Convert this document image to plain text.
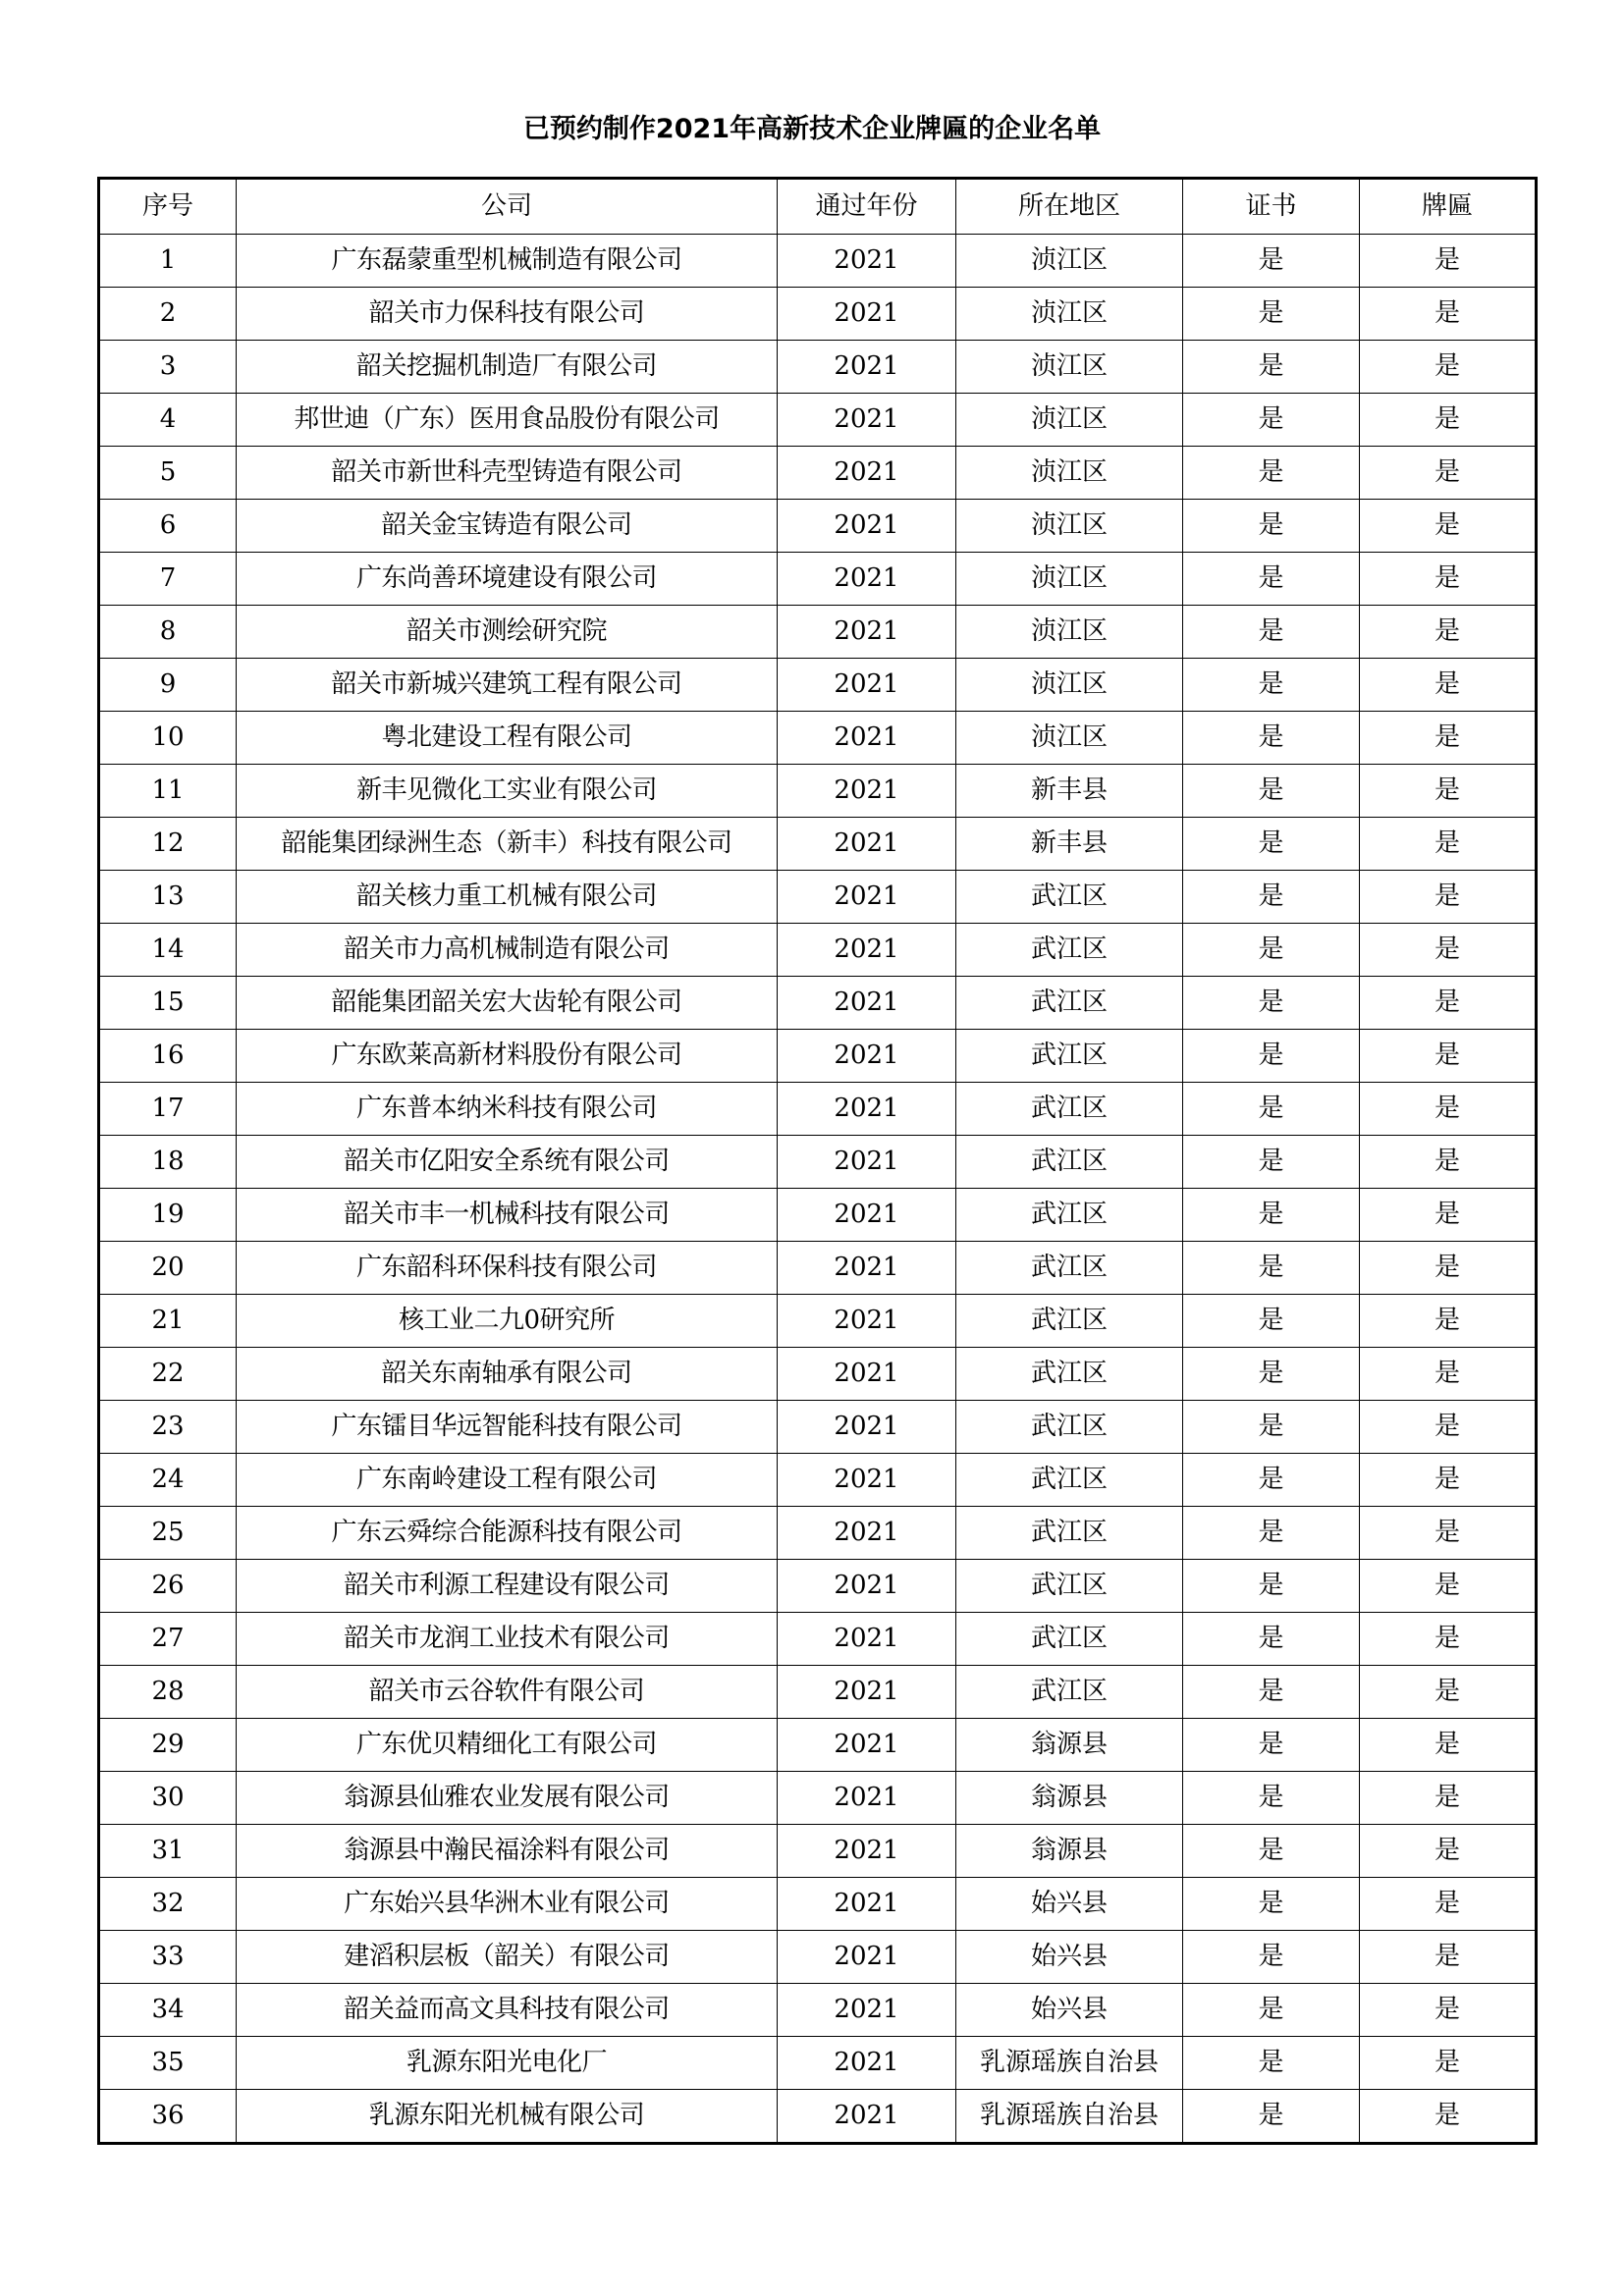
已预约制作2021年高新技术企业牌匾的企业名单
序号	公司	通过年份	所在地区	证书	牌匾
1	广东磊蒙重型机械制造有限公司	2021	浈江区	是	是
2	韶关市力保科技有限公司	2021	浈江区	是	是
3	韶关挖掘机制造厂有限公司	2021	浈江区	是	是
4	邦世迪（广东）医用食品股份有限公司	2021	浈江区	是	是
5	韶关市新世科壳型铸造有限公司	2021	浈江区	是	是
6	韶关金宝铸造有限公司	2021	浈江区	是	是
7	广东尚善环境建设有限公司	2021	浈江区	是	是
8	韶关市测绘研究院	2021	浈江区	是	是
9	韶关市新城兴建筑工程有限公司	2021	浈江区	是	是
10	粤北建设工程有限公司	2021	浈江区	是	是
11	新丰见微化工实业有限公司	2021	新丰县	是	是
12	韶能集团绿洲生态（新丰）科技有限公司	2021	新丰县	是	是
13	韶关核力重工机械有限公司	2021	武江区	是	是
14	韶关市力高机械制造有限公司	2021	武江区	是	是
15	韶能集团韶关宏大齿轮有限公司	2021	武江区	是	是
16	广东欧莱高新材料股份有限公司	2021	武江区	是	是
17	广东普本纳米科技有限公司	2021	武江区	是	是
18	韶关市亿阳安全系统有限公司	2021	武江区	是	是
19	韶关市丰一机械科技有限公司	2021	武江区	是	是
20	广东韶科环保科技有限公司	2021	武江区	是	是
21	核工业二九0研究所	2021	武江区	是	是
22	韶关东南轴承有限公司	2021	武江区	是	是
23	广东镭目华远智能科技有限公司	2021	武江区	是	是
24	广东南岭建设工程有限公司	2021	武江区	是	是
25	广东云舜综合能源科技有限公司	2021	武江区	是	是
26	韶关市利源工程建设有限公司	2021	武江区	是	是
27	韶关市龙润工业技术有限公司	2021	武江区	是	是
28	韶关市云谷软件有限公司	2021	武江区	是	是
29	广东优贝精细化工有限公司	2021	翁源县	是	是
30	翁源县仙雅农业发展有限公司	2021	翁源县	是	是
31	翁源县中瀚民福涂料有限公司	2021	翁源县	是	是
32	广东始兴县华洲木业有限公司	2021	始兴县	是	是
33	建滔积层板（韶关）有限公司	2021	始兴县	是	是
34	韶关益而高文具科技有限公司	2021	始兴县	是	是
35	乳源东阳光电化厂	2021	乳源瑶族自治县	是	是
36	乳源东阳光机械有限公司	2021	乳源瑶族自治县	是	是
